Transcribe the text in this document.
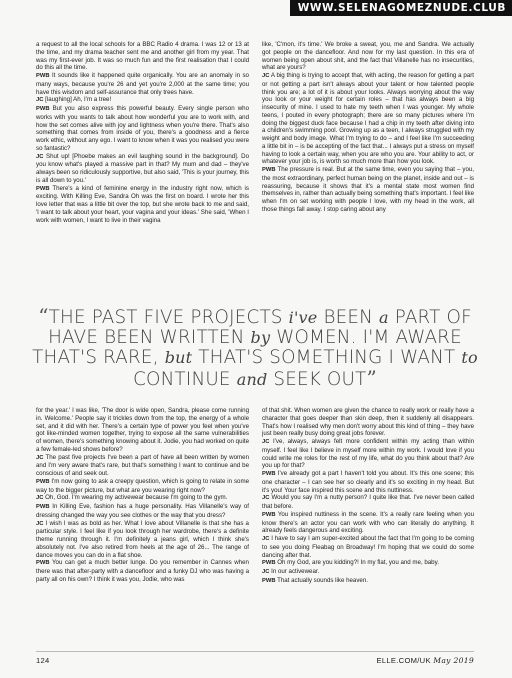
WWW.SELENAGOMEZNUDE.CLUB

a request to all the local schools for a BBC Radio 4 drama. I was 12 or 13 at the time, and my drama teacher sent me and another girl from my year. That was my first-ever job. It was so much fun and the first realisation that I could do this all the time.

PWB It sounds like it happened quite organically. You are an anomaly in so many ways, because you're 26 and yet you're 2,000 at the same time; you have this wisdom and self-assurance that only trees have.

JC [laughing] Ah, I'm a tree!

PWB But you also express this powerful beauty. Every single person who works with you wants to talk about how wonderful you are to work with, and how the set comes alive with joy and lightness when you're there. That's also something that comes from inside of you, there's a goodness and a fierce work ethic, without any ego. I want to know when it was you realised you were so fantastic?

JC Shut up! [Phoebe makes an evil laughing sound in the background]. Do you know what's played a massive part in that? My mum and dad – they've always been so ridiculously supportive, but also said, 'This is your journey, this is all down to you.'

PWB There's a kind of feminine energy in the industry right now, which is exciting. With Killing Eve, Sandra Oh was the first on board. I wrote her this love letter that was a little bit over the top, but she wrote back to me and said, 'I want to talk about your heart, your vagina and your ideas.' She said, 'When I work with women, I want to live in their vagina

like, 'C'mon, it's time.' We broke a sweat, you, me and Sandra. We actually got people on the dancefloor. And now for my last question. In this era of women being open about shit, and the fact that Villanelle has no insecurities, what are yours?

JC A big thing is trying to accept that, with acting, the reason for getting a part or not getting a part isn't always about your talent or how talented people think you are; a lot of it is about your looks. Always worrying about the way you look or your weight for certain roles – that has always been a big insecurity of mine. I used to hate my teeth when I was younger. My whole teens, I pouted in every photograph; there are so many pictures where I'm doing the biggest duck face because I had a chip in my teeth after diving into a children's swimming pool. Growing up as a teen, I always struggled with my weight and body image. What I'm trying to do – and I feel like I'm succeeding a little bit in – is be accepting of the fact that... I always put a stress on myself having to look a certain way, when you are who you are. Your ability to act, or whatever your job is, is worth so much more than how you look.

PWB The pressure is real. But at the same time, even you saying that – you, the most extraordinary, perfect human being on the planet, inside and out – is reassuring, because it shows that it's a mental state most women find themselves in, rather than actually being something that's important. I feel like when I'm on set working with people I love, with my head in the work, all those things fall away. I stop caring about any

“THE PAST FIVE PROJECTS i've BEEN a PART OF HAVE BEEN WRITTEN by WOMEN. I'M AWARE THAT'S RARE, but THAT'S SOMETHING I WANT to CONTINUE and SEEK OUT”

for the year.' I was like, 'The door is wide open, Sandra, please come running in. Welcome.' People say it trickles down from the top, the energy of a whole set, and it did with her. There's a certain type of power you feel when you've got like-minded women together, trying to expose all the same vulnerabilities of women, there's something knowing about it. Jodie, you had worked on quite a few female-led shows before?

JC The past five projects I've been a part of have all been written by women and I'm very aware that's rare, but that's something I want to continue and be conscious of and seek out.

PWB I'm now going to ask a creepy question, which is going to relate in some way to the bigger picture, but what are you wearing right now?

JC Oh, God. I'm wearing my activewear because I'm going to the gym.

PWB In Killing Eve, fashion has a huge personality. Has Villanelle's way of dressing changed the way you see clothes or the way that you dress?

JC I wish I was as bold as her. What I love about Villanelle is that she has a particular style. I feel like if you look through her wardrobe, there's a definite theme running through it. I'm definitely a jeans girl, which I think she's absolutely not. I've also retired from heels at the age of 26... The range of dance moves you can do in a flat shoe.

PWB You can get a much better lunge. Do you remember in Cannes when there was that after-party with a dancefloor and a funky DJ who was having a party all on his own? I think it was you, Jodie, who was

of that shit. When women are given the chance to really work or really have a character that goes deeper than skin deep, then it suddenly all disappears. That's how I realised why men don't worry about this kind of thing – they have just been really busy doing great jobs forever.

JC I've, always, always felt more confident within my acting than within myself. I feel like I believe in myself more within my work. I would love if you could write me roles for the rest of my life, what do you think about that? Are you up for that?

PWB I've already got a part I haven't told you about. It's this one scene; this one character – I can see her so clearly and it's so exciting in my head. But it's you! Your face inspired this scene and this nuttiness.

JC Would you say I'm a nutty person? I quite like that. I've never been called that before.

PWB You inspired nuttiness in the scene. It's a really rare feeling when you know there's an actor you can work with who can literally do anything. It already feels dangerous and exciting.

JC I have to say I am super-excited about the fact that I'm going to be coming to see you doing Fleabag on Broadway! I'm hoping that we could do some dancing after that.

PWB Oh my God, are you kidding?! In my flat, you and me, baby.

JC In our activewear.

PWB That actually sounds like heaven.

124	ELLE.COM/UK May 2019
